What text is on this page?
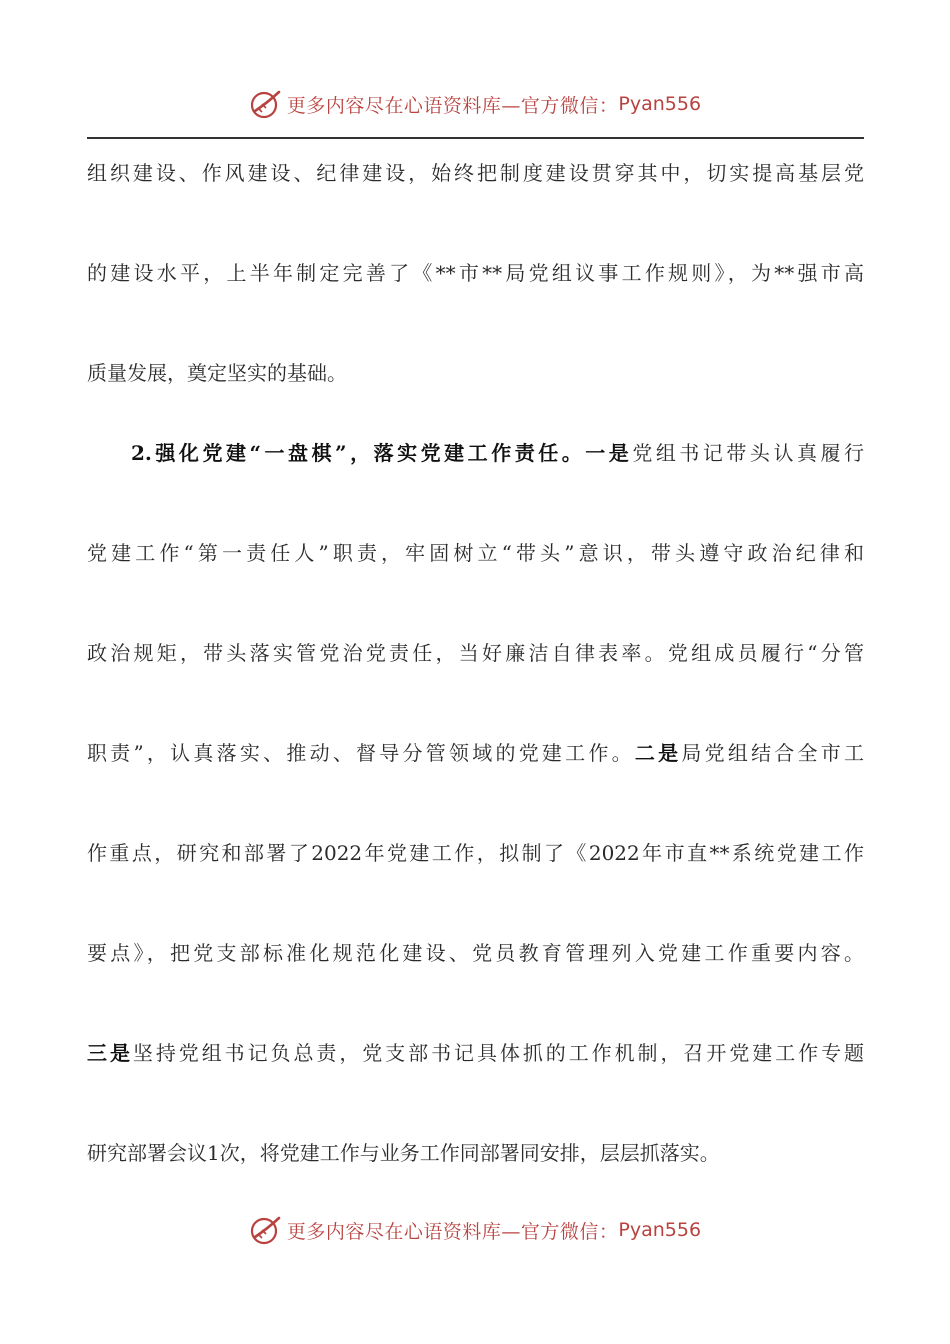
更多内容尽在心语资料库—官方微信： Pyan556
组织建设、作风建设、纪律建设，始终把制度建设贯穿其中，切实提高基层党
的建设水平，上半年制定完善了《**市**局党组议事工作规则》，为**强市高
质量发展，奠定坚实的基础。
2.强化党建“一盘棋”，落实党建工作责任。一是党组书记带头认真履行
党建工作“第一责任人”职责，牢固树立“带头”意识，带头遵守政治纪律和
政治规矩，带头落实管党治党责任，当好廉洁自律表率。党组成员履行“分管
职责”，认真落实、推动、督导分管领域的党建工作。二是局党组结合全市工
作重点，研究和部署了2022年党建工作，拟制了《2022年市直**系统党建工作
要点》，把党支部标准化规范化建设、党员教育管理列入党建工作重要内容。
三是坚持党组书记负总责，党支部书记具体抓的工作机制，召开党建工作专题
研究部署会议1次，将党建工作与业务工作同部署同安排，层层抓落实。
更多内容尽在心语资料库—官方微信： Pyan556
